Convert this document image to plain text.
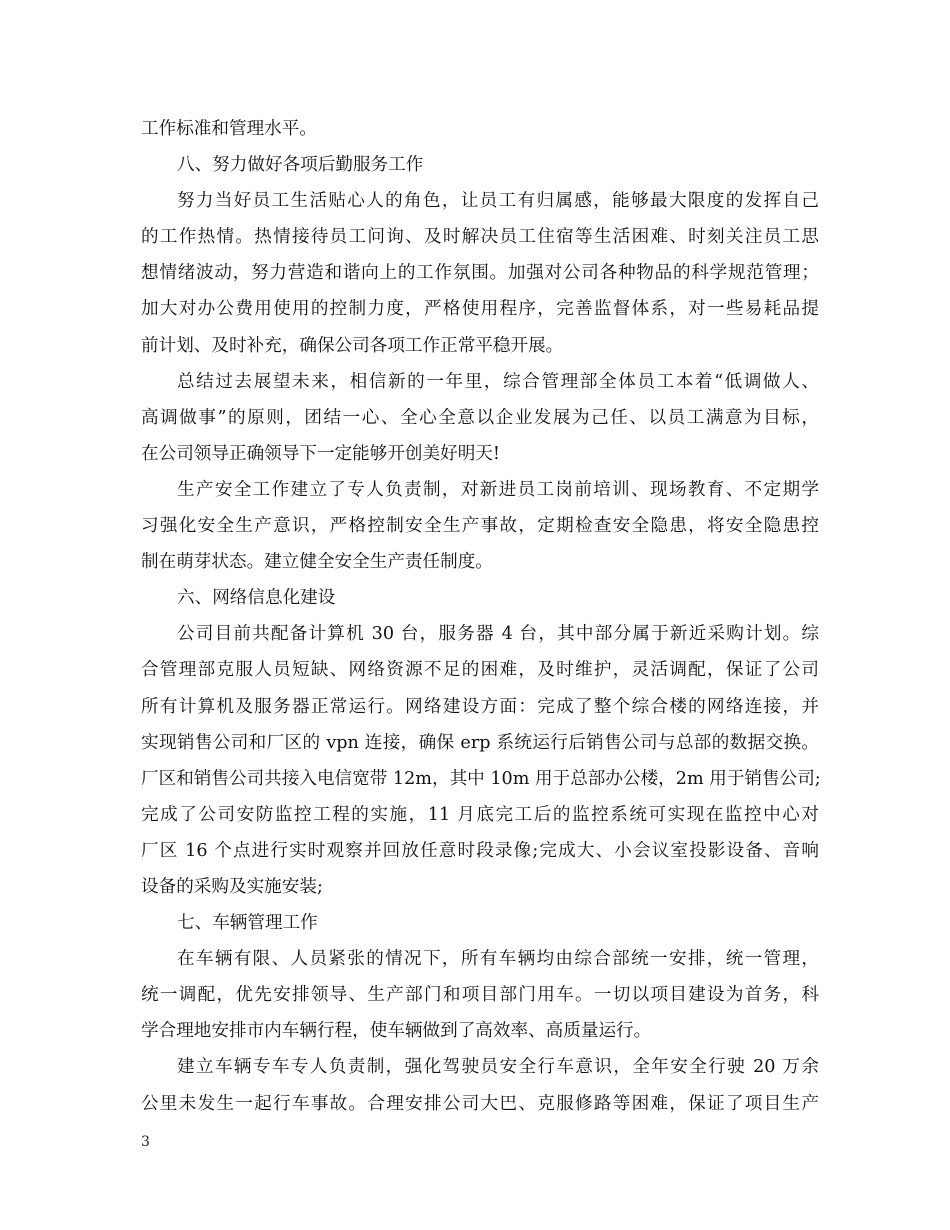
工作标准和管理水平。
八、努力做好各项后勤服务工作
努力当好员工生活贴心人的角色，让员工有归属感，能够最大限度的发挥自己
的工作热情。热情接待员工问询、及时解决员工住宿等生活困难、时刻关注员工思
想情绪波动，努力营造和谐向上的工作氛围。加强对公司各种物品的科学规范管理；
加大对办公费用使用的控制力度，严格使用程序，完善监督体系，对一些易耗品提
前计划、及时补充，确保公司各项工作正常平稳开展。
总结过去展望未来，相信新的一年里，综合管理部全体员工本着“低调做人、
高调做事”的原则，团结一心、全心全意以企业发展为己任、以员工满意为目标，
在公司领导正确领导下一定能够开创美好明天!
生产安全工作建立了专人负责制，对新进员工岗前培训、现场教育、不定期学
习强化安全生产意识，严格控制安全生产事故，定期检查安全隐患，将安全隐患控
制在萌芽状态。建立健全安全生产责任制度。
六、网络信息化建设
公司目前共配备计算机 30 台，服务器 4 台，其中部分属于新近采购计划。综
合管理部克服人员短缺、网络资源不足的困难，及时维护，灵活调配，保证了公司
所有计算机及服务器正常运行。网络建设方面：完成了整个综合楼的网络连接，并
实现销售公司和厂区的 vpn 连接，确保 erp 系统运行后销售公司与总部的数据交换。
厂区和销售公司共接入电信宽带 12m，其中 10m 用于总部办公楼，2m 用于销售公司;
完成了公司安防监控工程的实施，11 月底完工后的监控系统可实现在监控中心对
厂区 16 个点进行实时观察并回放任意时段录像;完成大、小会议室投影设备、音响
设备的采购及实施安装;
七、车辆管理工作
在车辆有限、人员紧张的情况下，所有车辆均由综合部统一安排，统一管理，
统一调配，优先安排领导、生产部门和项目部门用车。一切以项目建设为首务，科
学合理地安排市内车辆行程，使车辆做到了高效率、高质量运行。
建立车辆专车专人负责制，强化驾驶员安全行车意识，全年安全行驶 20 万余
公里未发生一起行车事故。合理安排公司大巴、克服修路等困难，保证了项目生产
3
